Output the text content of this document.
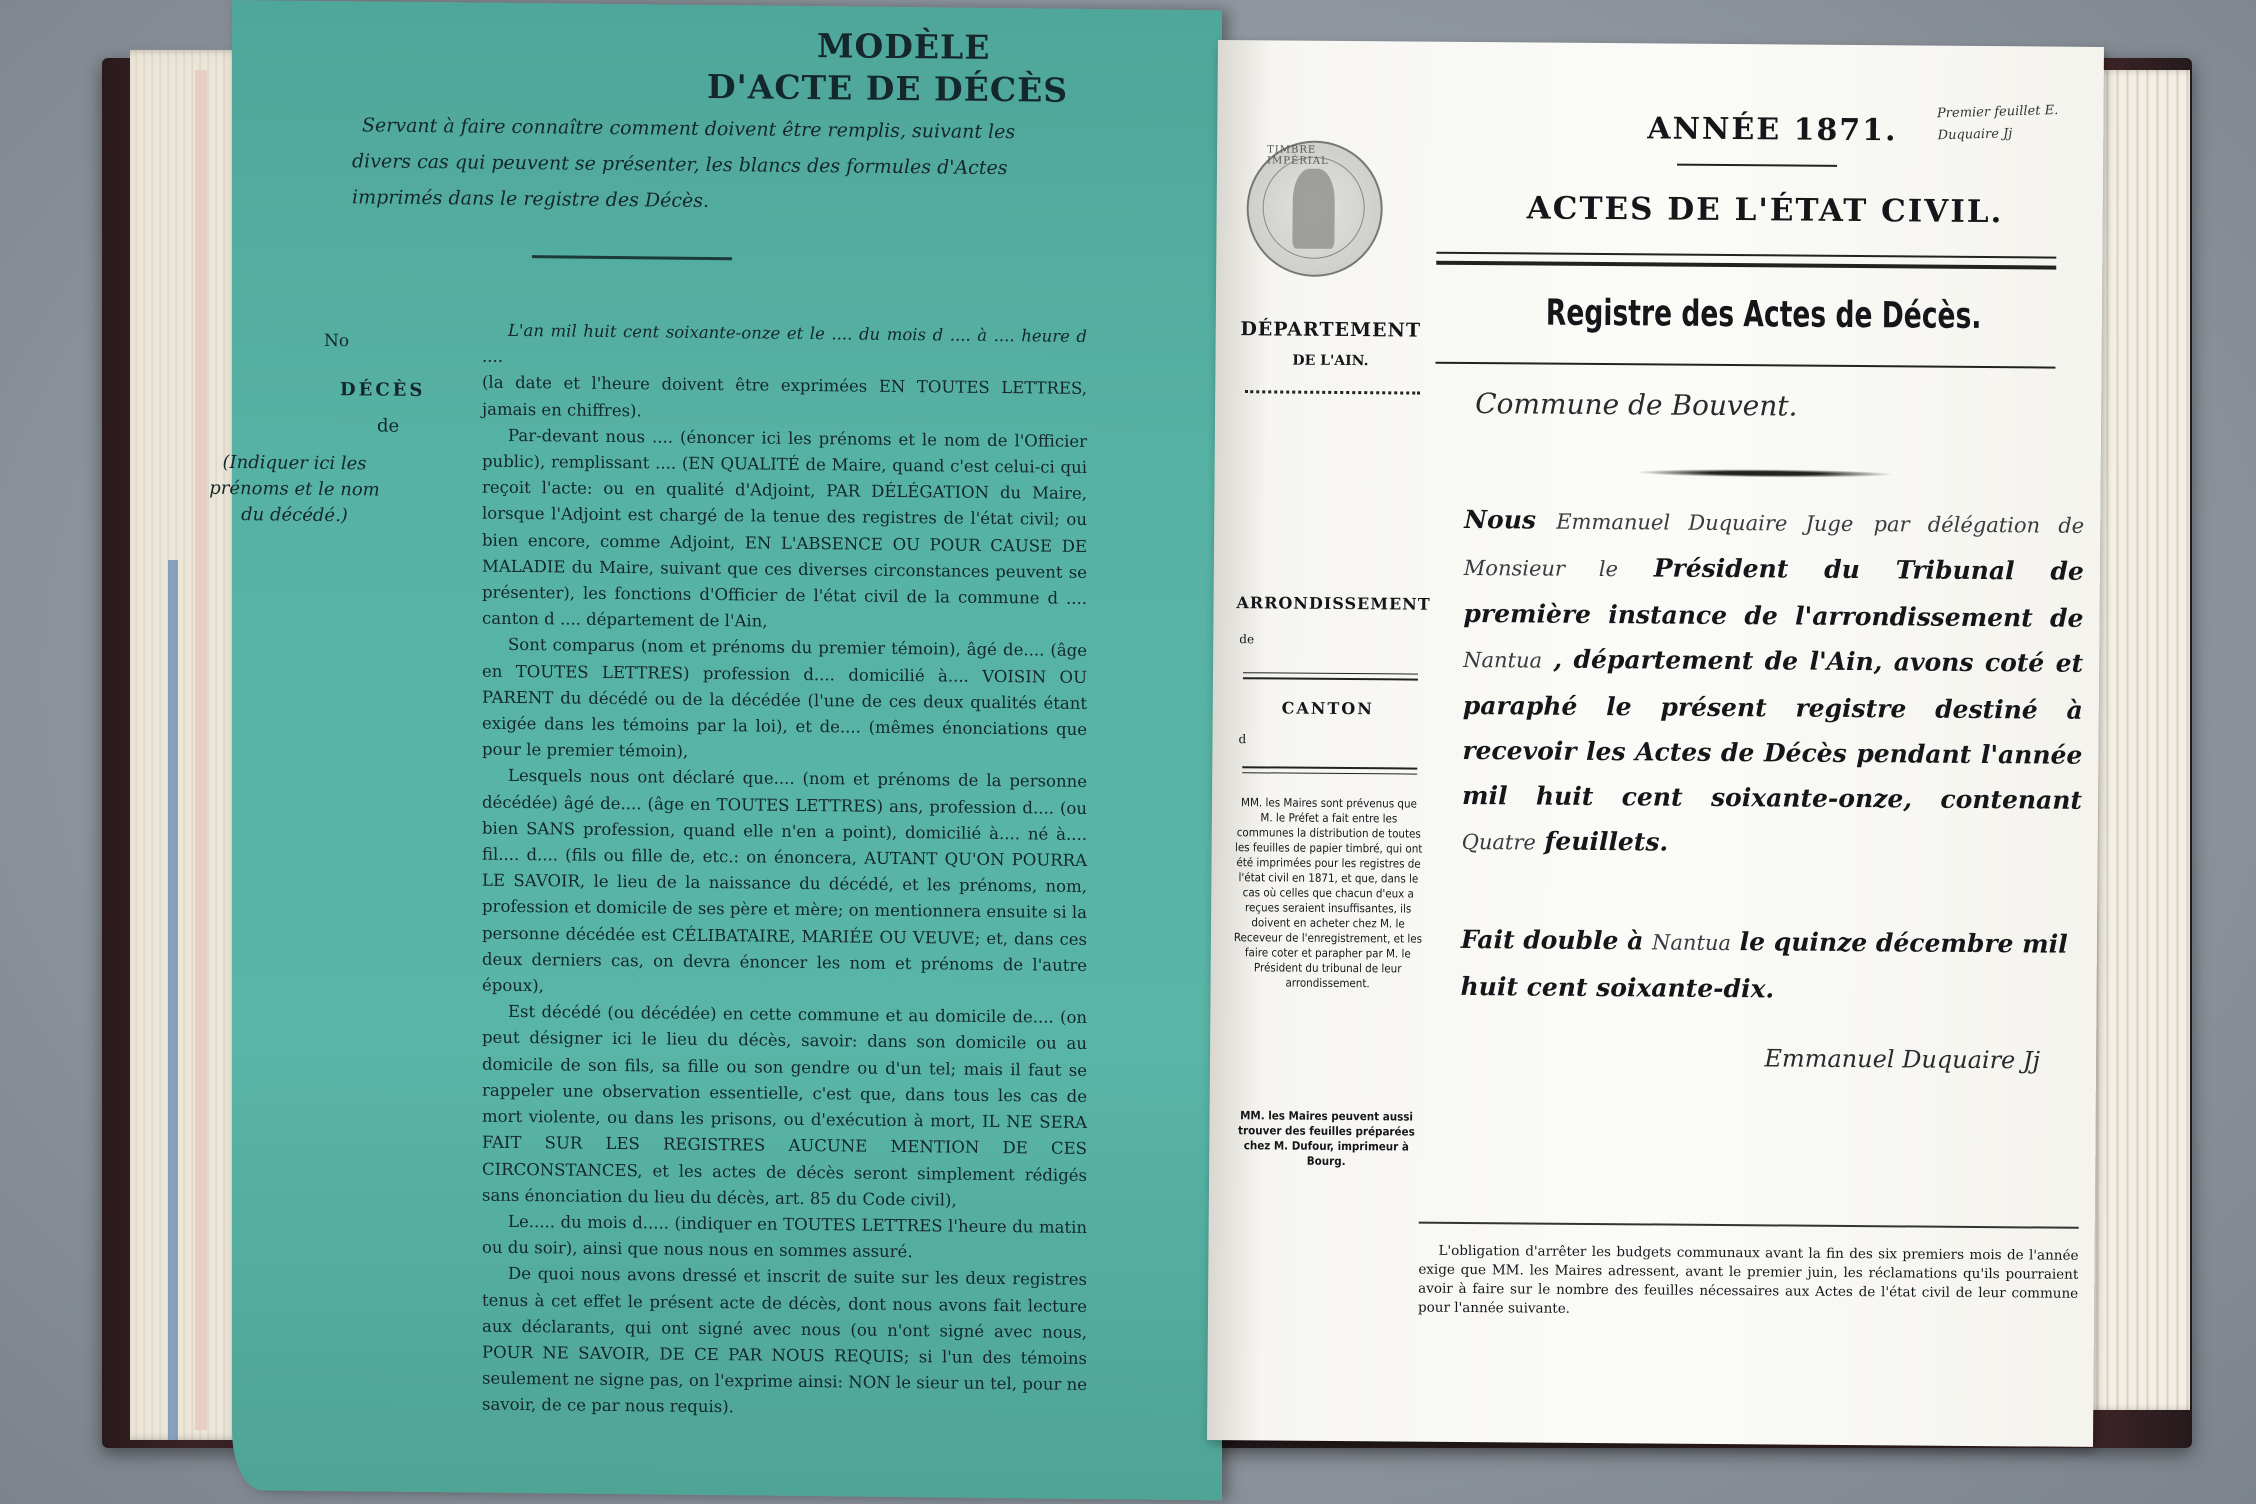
MODÈLE
D'ACTE DE DÉCÈS
Servant à faire connaître comment doivent être remplis, suivant les divers cas qui peuvent se présenter, les blancs des formules d'Actes imprimés dans le registre des Décès.
No
DÉCÈS
de
(Indiquer ici les prénoms et le nom du décédé.)

L'an mil huit cent soixante-onze et le .... du mois d .... à .... heure d ....

(la date et l'heure doivent être exprimées EN TOUTES LETTRES, jamais en chiffres).

Par-devant nous .... (énoncer ici les prénoms et le nom de l'Officier public), remplissant .... (EN QUALITÉ de Maire, quand c'est celui-ci qui reçoit l'acte: ou en qualité d'Adjoint, PAR DÉLÉGATION du Maire, lorsque l'Adjoint est chargé de la tenue des registres de l'état civil; ou bien encore, comme Adjoint, EN L'ABSENCE OU POUR CAUSE DE MALADIE du Maire, suivant que ces diverses circonstances peuvent se présenter), les fonctions d'Officier de l'état civil de la commune d .... canton d .... département de l'Ain,

Sont comparus (nom et prénoms du premier témoin), âgé de.... (âge en TOUTES LETTRES) profession d.... domicilié à.... VOISIN OU PARENT du décédé ou de la décédée (l'une de ces deux qualités étant exigée dans les témoins par la loi), et de.... (mêmes énonciations que pour le premier témoin),

Lesquels nous ont déclaré que.... (nom et prénoms de la personne décédée) âgé de.... (âge en TOUTES LETTRES) ans, profession d.... (ou bien SANS profession, quand elle n'en a point), domicilié à.... né à.... fil.... d.... (fils ou fille de, etc.: on énoncera, AUTANT QU'ON POURRA LE SAVOIR, le lieu de la naissance du décédé, et les prénoms, nom, profession et domicile de ses père et mère; on mentionnera ensuite si la personne décédée est CÉLIBATAIRE, MARIÉE OU VEUVE; et, dans ces deux derniers cas, on devra énoncer les nom et prénoms de l'autre époux),

Est décédé (ou décédée) en cette commune et au domicile de.... (on peut désigner ici le lieu du décès, savoir: dans son domicile ou au domicile de son fils, sa fille ou son gendre ou d'un tel; mais il faut se rappeler une observation essentielle, c'est que, dans tous les cas de mort violente, ou dans les prisons, ou d'exécution à mort, IL NE SERA FAIT SUR LES REGISTRES AUCUNE MENTION DE CES CIRCONSTANCES, et les actes de décès seront simplement rédigés sans énonciation du lieu du décès, art. 85 du Code civil),

Le..... du mois d..... (indiquer en TOUTES LETTRES l'heure du matin ou du soir), ainsi que nous nous en sommes assuré.

De quoi nous avons dressé et inscrit de suite sur les deux registres tenus à cet effet le présent acte de décès, dont nous avons fait lecture aux déclarants, qui ont signé avec nous (ou n'ont signé avec nous, POUR NE SAVOIR, DE CE PAR NOUS REQUIS; si l'un des témoins seulement ne signe pas, on l'exprime ainsi: NON le sieur un tel, pour ne savoir, de ce par nous requis).

Premier feuillet E. Duquaire Jj
TIMBRE IMPÉRIAL
ANNÉE 1871.
ACTES DE L'ÉTAT CIVIL.
Registre des Actes de Décès.
DÉPARTEMENT
DE L'AIN.
ARRONDISSEMENT
de
CANTON
d
MM. les Maires sont prévenus que M. le Préfet a fait entre les communes la distribution de toutes les feuilles de papier timbré, qui ont été imprimées pour les registres de l'état civil en 1871, et que, dans le cas où celles que chacun d'eux a reçues seraient insuffisantes, ils doivent en acheter chez M. le Receveur de l'enregistrement, et les faire coter et parapher par M. le Président du tribunal de leur arrondissement.
MM. les Maires peuvent aussi trouver des feuilles préparées chez M. Dufour, imprimeur à Bourg.
Commune de Bouvent.
Nous Emmanuel Duquaire Juge par délégation de Monsieur le Président du Tribunal de première instance de l'arrondissement de Nantua , département de l'Ain, avons coté et paraphé le présent registre destiné à recevoir les Actes de Décès pendant l'année mil huit cent soixante-onze, contenant Quatre feuillets.
Fait double à Nantua le quinze décembre mil huit cent soixante-dix.
Emmanuel Duquaire Jj
L'obligation d'arrêter les budgets communaux avant la fin des six premiers mois de l'année exige que MM. les Maires adressent, avant le premier juin, les réclamations qu'ils pourraient avoir à faire sur le nombre des feuilles nécessaires aux Actes de l'état civil de leur commune pour l'année suivante.
